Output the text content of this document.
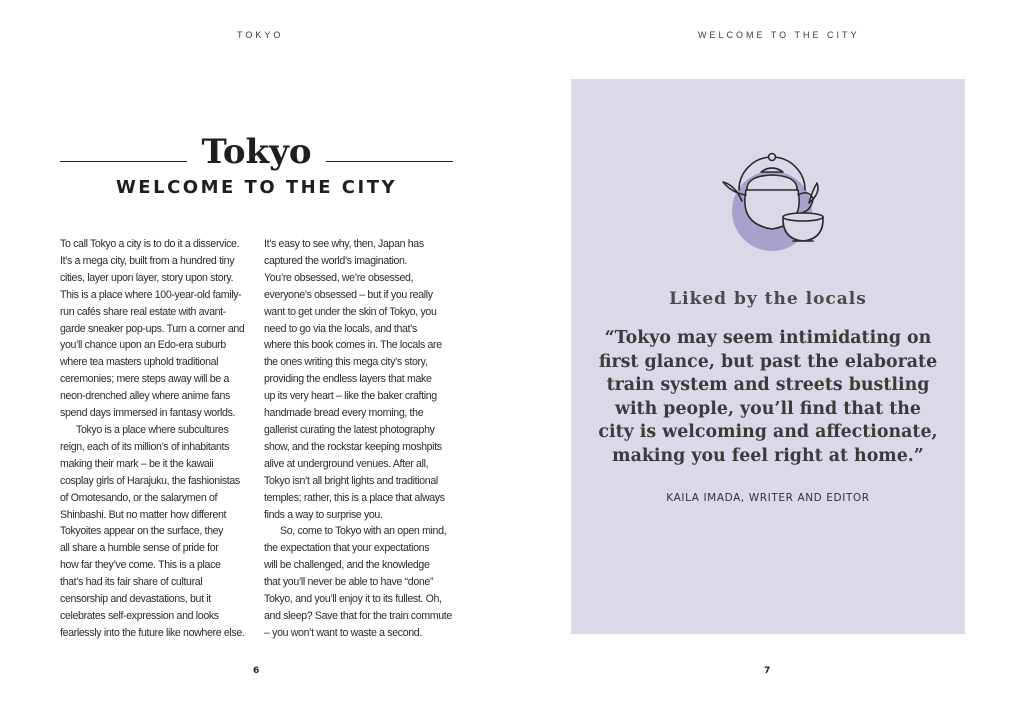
TOKYO	WELCOME TO THE CITY
Tokyo
WELCOME TO THE CITY
To call Tokyo a city is to do it a disservice.
It’s a mega city, built from a hundred tiny
cities, layer upon layer, story upon story.
This is a place where 100-year-old family-
run cafés share real estate with avant-
garde sneaker pop-ups. Turn a corner and
you’ll chance upon an Edo-era suburb
where tea masters uphold traditional
ceremonies; mere steps away will be a
neon-drenched alley where anime fans
spend days immersed in fantasy worlds.
Tokyo is a place where subcultures
reign, each of its million’s of inhabitants
making their mark – be it the kawaii
cosplay girls of Harajuku, the fashionistas
of Omotesando, or the salarymen of
Shinbashi. But no matter how different
Tokyoites appear on the surface, they
all share a humble sense of pride for
how far they’ve come. This is a place
that’s had its fair share of cultural
censorship and devastations, but it
celebrates self-expression and looks
fearlessly into the future like nowhere else.
It’s easy to see why, then, Japan has
captured the world’s imagination.
You’re obsessed, we’re obsessed,
everyone’s obsessed – but if you really
want to get under the skin of Tokyo, you
need to go via the locals, and that’s
where this book comes in. The locals are
the ones writing this mega city’s story,
providing the endless layers that make
up its very heart – like the baker crafting
handmade bread every morning, the
gallerist curating the latest photography
show, and the rockstar keeping moshpits
alive at underground venues. After all,
Tokyo isn’t all bright lights and traditional
temples; rather, this is a place that always
finds a way to surprise you.
So, come to Tokyo with an open mind,
the expectation that your expectations
will be challenged, and the knowledge
that you’ll never be able to have “done”
Tokyo, and you’ll enjoy it to its fullest. Oh,
and sleep? Save that for the train commute
– you won’t want to waste a second.
Liked by the locals
“Tokyo may seem intimidating on
first glance, but past the elaborate
train system and streets bustling
with people, you’ll find that the
city is welcoming and affectionate,
making you feel right at home.”
KAILA IMADA, WRITER AND EDITOR
6	7
